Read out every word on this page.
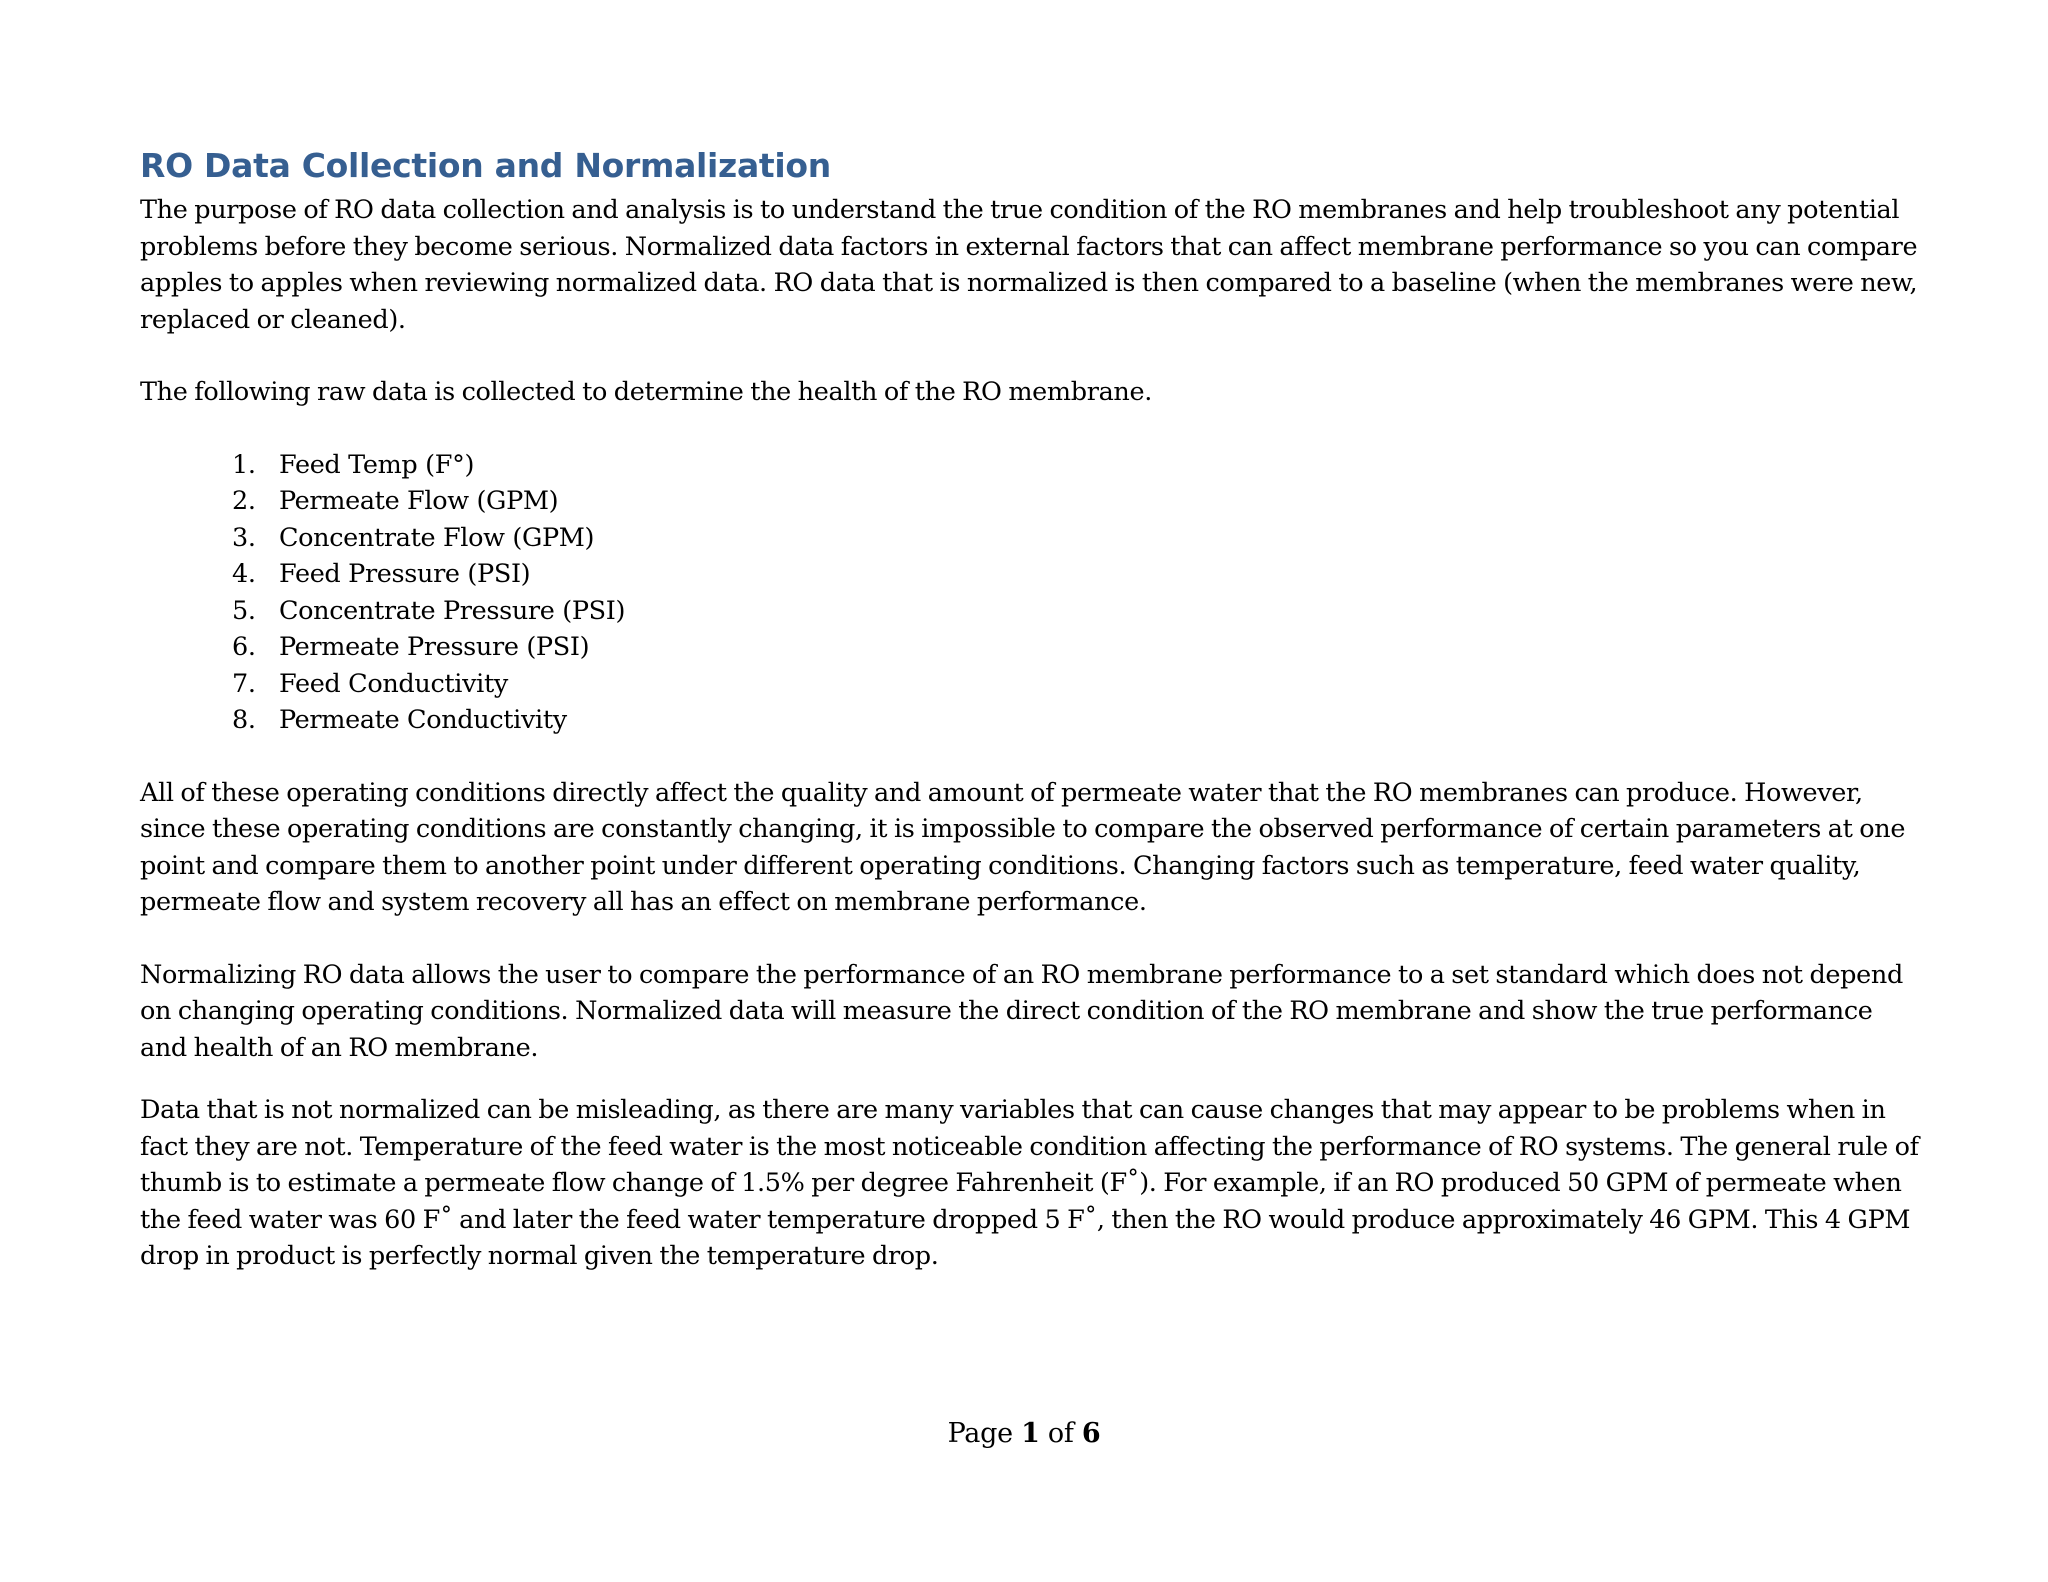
RO Data Collection and Normalization

The purpose of RO data collection and analysis is to understand the true condition of the RO membranes and help troubleshoot any potential problems before they become serious. Normalized data factors in external factors that can affect membrane performance so you can compare apples to apples when reviewing normalized data. RO data that is normalized is then compared to a baseline (when the membranes were new, replaced or cleaned).

The following raw data is collected to determine the health of the RO membrane.

1. Feed Temp (F°)
2. Permeate Flow (GPM)
3. Concentrate Flow (GPM)
4. Feed Pressure (PSI)
5. Concentrate Pressure (PSI)
6. Permeate Pressure (PSI)
7. Feed Conductivity
8. Permeate Conductivity

All of these operating conditions directly affect the quality and amount of permeate water that the RO membranes can produce. However, since these operating conditions are constantly changing, it is impossible to compare the observed performance of certain parameters at one point and compare them to another point under different operating conditions. Changing factors such as temperature, feed water quality, permeate flow and system recovery all has an effect on membrane performance.

Normalizing RO data allows the user to compare the performance of an RO membrane performance to a set standard which does not depend on changing operating conditions. Normalized data will measure the direct condition of the RO membrane and show the true performance and health of an RO membrane.

Data that is not normalized can be misleading, as there are many variables that can cause changes that may appear to be problems when in fact they are not. Temperature of the feed water is the most noticeable condition affecting the performance of RO systems. The general rule of thumb is to estimate a permeate flow change of 1.5% per degree Fahrenheit (F˚). For example, if an RO produced 50 GPM of permeate when the feed water was 60 F˚ and later the feed water temperature dropped 5 F˚, then the RO would produce approximately 46 GPM. This 4 GPM drop in product is perfectly normal given the temperature drop.

Page 1 of 6
